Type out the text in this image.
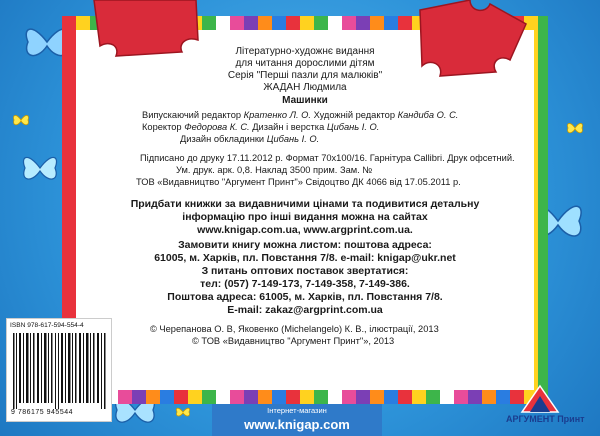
Літературно-художнє видання
для читання дорослими дітям
Серія "Перші пазли для малюків"
ЖАДАН Людмила
Машинки
Випускаючий редактор Кратенко Л. О. Художній редактор Кандиба О. С.
Коректор Федорова К. С. Дизайн і верстка Цибань І. О.
Дизайн обкладинки Цибань І. О.
Підписано до друку 17.11.2012 р. Формат 70х100/16. Гарнітура Callibri. Друк офсетний.
Ум. друк. арк. 0,8. Наклад 3500 прим. Зам. №
ТОВ «Видавництво "Аргумент Принт"» Свідоцтво ДК 4066 від 17.05.2011 р.
Придбати книжки за видавничими цінами та подивитися детальну
інформацію про інші видання можна на сайтах
www.knigap.com.ua, www.argprint.com.ua.
Замовити книгу можна листом: поштова адреса:
61005, м. Харків, пл. Повстання 7/8. e-mail: knigap@ukr.net
З питань оптових поставок звертатися:
тел: (057) 7-149-173, 7-149-358, 7-149-386.
Поштова адреса: 61005, м. Харків, пл. Повстання 7/8.
E-mail: zakaz@argprint.com.ua
© Черепанова О. В, Яковенко (Michelangelo) К. В., ілюстрації, 2013
© ТОВ «Видавництво "Аргумент Принт"», 2013
ISBN 978-617-594-554-4
9 786175 945544	Інтернет-магазин
www.knigap.com	АРГУМЕНТ Принт
